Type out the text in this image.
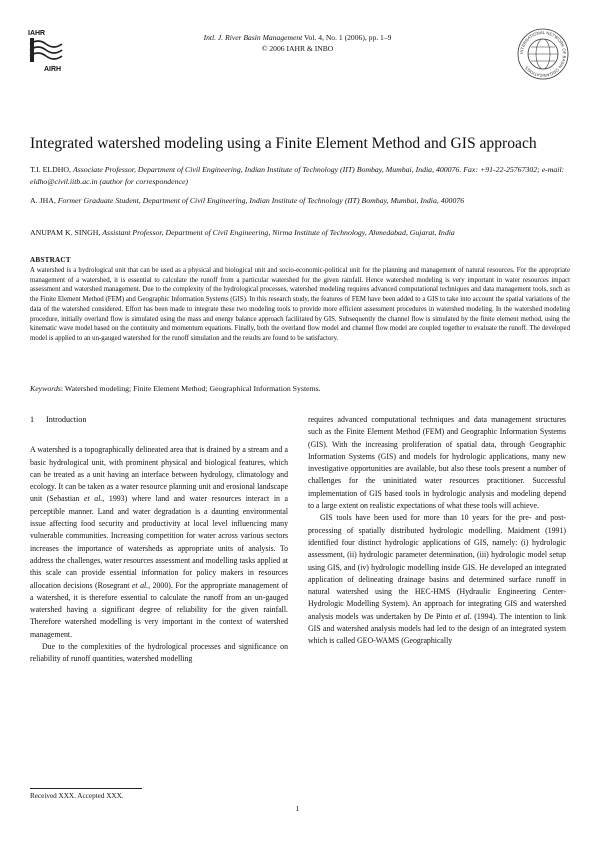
IAHR
AIRH
Intl. J. River Basin Management Vol. 4, No. 1 (2006), pp. 1–9
© 2006 IAHR & INBO
INTERNATIONAL NETWORK OF BASIN ORGANIZATIONS
Integrated watershed modeling using a Finite Element Method and GIS approach
T.I. ELDHO, Associate Professor, Department of Civil Engineering, Indian Institute of Technology (IIT) Bombay, Mumbai, India, 400076. Fax: +91-22-25767302; e-mail: eldho@civil.iitb.ac.in (author for correspondence)
A. JHA, Former Graduate Student, Department of Civil Engineering, Indian Institute of Technology (IIT) Bombay, Mumbai, India, 400076
ANUPAM K. SINGH, Assistant Professor, Department of Civil Engineering, Nirma Institute of Technology, Ahmedabad, Gujarat, India
ABSTRACT
A watershed is a hydrological unit that can be used as a physical and biological unit and socio-economic-political unit for the planning and management of natural resources. For the appropriate management of a watershed, it is essential to calculate the runoff from a particular watershed for the given rainfall. Hence watershed modeling is very important in water resources impact assessment and watershed management. Due to the complexity of the hydrological processes, watershed modeling requires advanced computational techniques and data management tools, such as the Finite Element Method (FEM) and Geographic Information Systems (GIS). In this research study, the features of FEM have been added to a GIS to take into account the spatial variations of the data of the watershed considered. Effort has been made to integrate these two modeling tools to provide more efficient assessment procedures in watershed modeling. In the watershed modeling procedure, initially overland flow is simulated using the mass and energy balance approach facilitated by GIS. Subsequently the channel flow is simulated by the finite element method, using the kinematic wave model based on the continuity and momentum equations. Finally, both the overland flow model and channel flow model are coupled together to evaluate the runoff. The developed model is applied to an un-gauged watershed for the runoff simulation and the results are found to be satisfactory.
Keywords: Watershed modeling; Finite Element Method; Geographical Information Systems.

1 Introduction

A watershed is a topographically delineated area that is drained by a stream and a basic hydrological unit, with prominent physical and biological features, which can be treated as a unit having an interface between hydrology, climatology and ecology. It can be taken as a water resource planning unit and erosional landscape unit (Sebastian et al., 1993) where land and water resources interact in a perceptible manner. Land and water degradation is a daunting environmental issue affecting food security and productivity at local level influencing many vulnerable communities. Increasing competition for water across various sectors increases the importance of watersheds as appropriate units of analysis. To address the challenges, water resources assessment and modelling tasks applied at this scale can provide essential information for policy makers in resources allocation decisions (Rosegrant et al., 2000). For the appropriate management of a watershed, it is therefore essential to calculate the runoff from an un-gauged watershed having a significant degree of reliability for the given rainfall. Therefore watershed modelling is very important in the context of watershed management.

Due to the complexities of the hydrological processes and significance on reliability of runoff quantities, watershed modelling

requires advanced computational techniques and data management structures such as the Finite Element Method (FEM) and Geographic Information Systems (GIS). With the increasing proliferation of spatial data, through Geographic Information Systems (GIS) and models for hydrologic applications, many new investigative opportunities are available, but also these tools present a number of challenges for the uninitiated water resources practitioner. Successful implementation of GIS based tools in hydrologic analysis and modeling depend to a large extent on realistic expectations of what these tools will achieve.

GIS tools have been used for more than 10 years for the pre- and post-processing of spatially distributed hydrologic modelling. Maidment (1991) identified four distinct hydrologic applications of GIS, namely: (i) hydrologic assessment, (ii) hydrologic parameter determination, (iii) hydrologic model setup using GIS, and (iv) hydrologic modelling inside GIS. He developed an integrated application of delineating drainage basins and determined surface runoff in natural watershed using the HEC-HMS (Hydraulic Engineering Center- Hydrologic Modelling System). An approach for integrating GIS and watershed analysis models was undertaken by De Pinto et al. (1994). The intention to link GIS and watershed analysis models had led to the design of an integrated system which is called GEO-WAMS (Geographically

Received XXX. Accepted XXX.
1
